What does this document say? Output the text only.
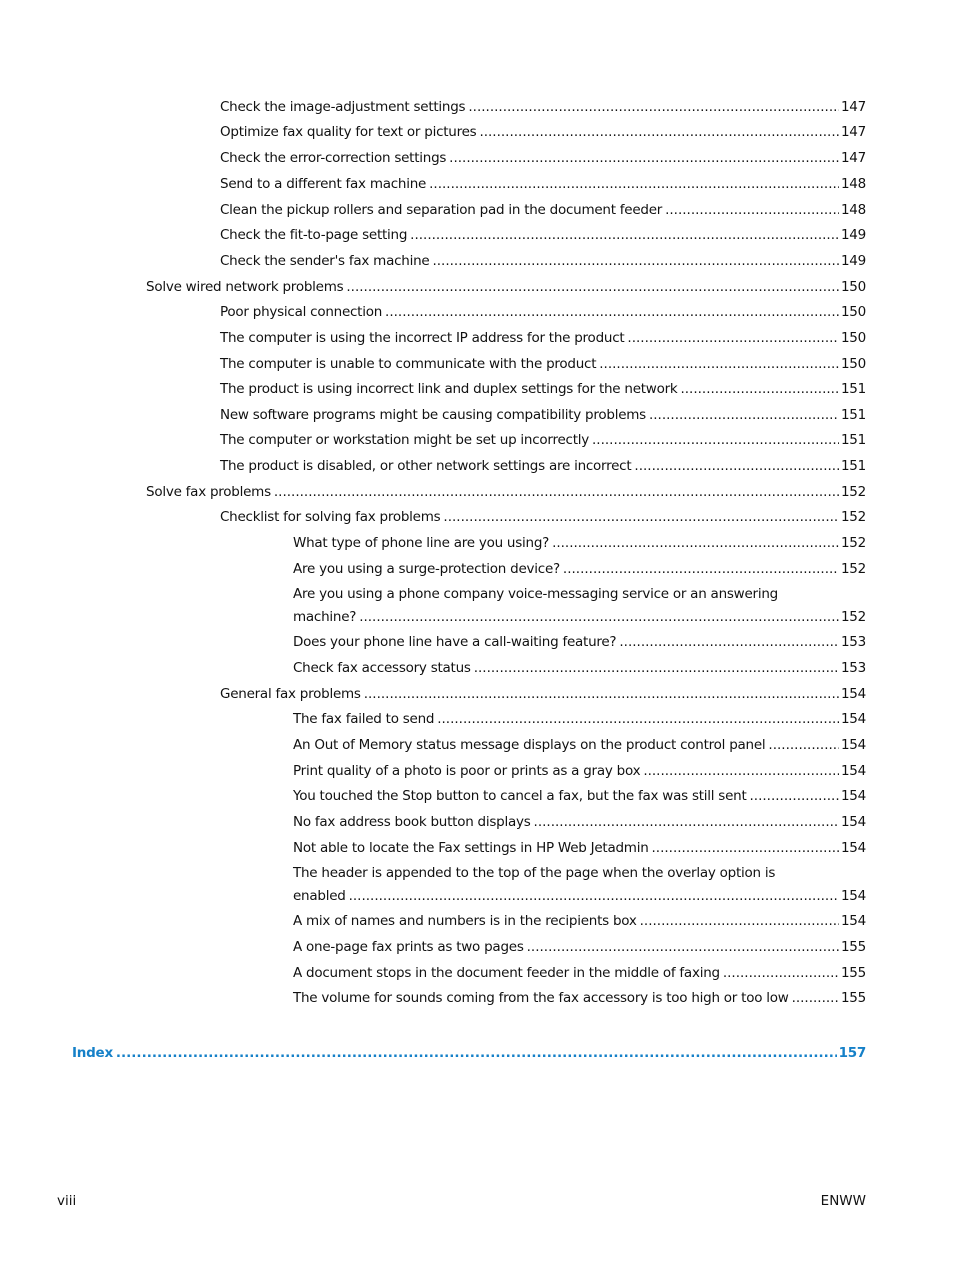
Check the image-adjustment settings .....	147
Optimize fax quality for text or pictures .....	147
Check the error-correction settings .....	147
Send to a different fax machine .....	148
Clean the pickup rollers and separation pad in the document feeder .....	148
Check the fit-to-page setting .....	149
Check the sender's fax machine .....	149
Solve wired network problems .....	150
Poor physical connection .....	150
The computer is using the incorrect IP address for the product .....	150
The computer is unable to communicate with the product .....	150
The product is using incorrect link and duplex settings for the network .....	151
New software programs might be causing compatibility problems .....	151
The computer or workstation might be set up incorrectly .....	151
The product is disabled, or other network settings are incorrect .....	151
Solve fax problems .....	152
Checklist for solving fax problems .....	152
What type of phone line are you using? .....	152
Are you using a surge-protection device? .....	152
Are you using a phone company voice-messaging service or an answering
machine? .....	152
Does your phone line have a call-waiting feature? .....	153
Check fax accessory status .....	153
General fax problems .....	154
The fax failed to send .....	154
An Out of Memory status message displays on the product control panel .....	154
Print quality of a photo is poor or prints as a gray box .....	154
You touched the Stop button to cancel a fax, but the fax was still sent .....	154
No fax address book button displays .....	154
Not able to locate the Fax settings in HP Web Jetadmin .....	154
The header is appended to the top of the page when the overlay option is
enabled .....	154
A mix of names and numbers is in the recipients box .....	154
A one-page fax prints as two pages .....	155
A document stops in the document feeder in the middle of faxing .....	155
The volume for sounds coming from the fax accessory is too high or too low .....	155
Index .....	157
viii	ENWW
